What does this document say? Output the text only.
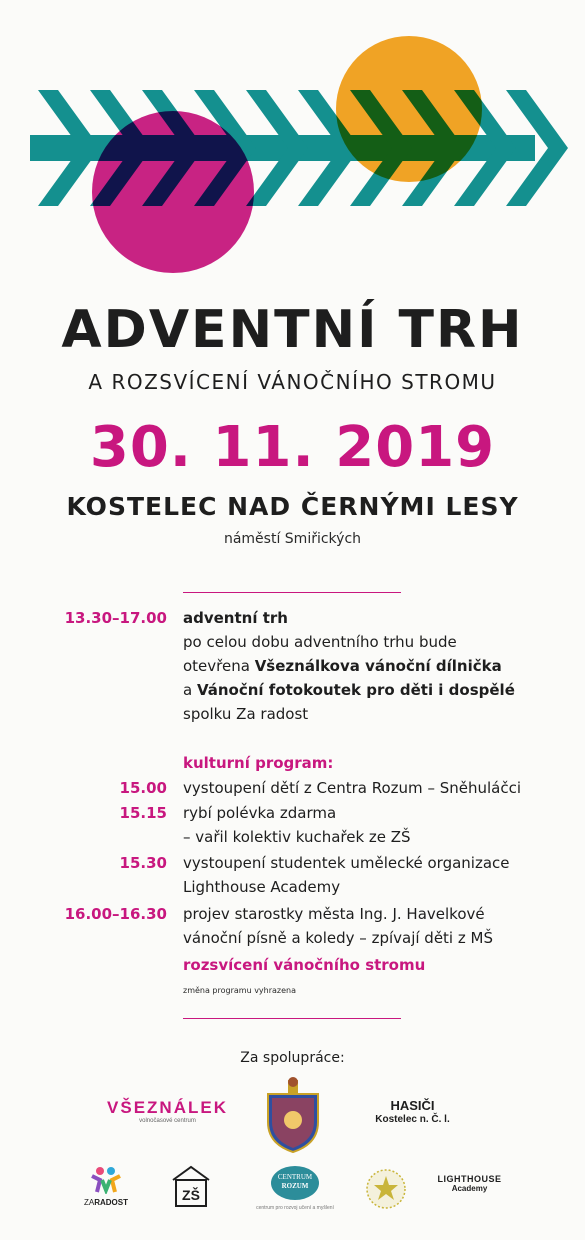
ADVENTNÍ TRH
A ROZSVÍCENÍ VÁNOČNÍHO STROMU
30. 11. 2019
KOSTELEC NAD ČERNÝMI LESY
náměstí Smiřických
13.30–17.00 adventní trh
po celou dobu adventního trhu bude
otevřena Všeználkova vánoční dílnička
a Vánoční fotokoutek pro děti i dospělé
spolku Za radost
kulturní program:
15.00 vystoupení dětí z Centra Rozum – Sněhuláčci
15.15 rybí polévka zdarma
– vařil kolektiv kuchařek ze ZŠ
15.30 vystoupení studentek umělecké organizace
Lighthouse Academy
16.00–16.30 projev starostky města Ing. J. Havelkové
vánoční písně a koledy – zpívají děti z MŠ
rozsvícení vánočního stromu
změna programu vyhrazena
Za spolupráce:
VŠEZNÁLEK
volnočasové centrum
HASIČI
Kostelec n. Č. l.
ZARADOST	ZŠ
CENTRUM
ROZUM
centrum pro rozvoj učení a myšlení
LIGHTHOUSE
Academy
